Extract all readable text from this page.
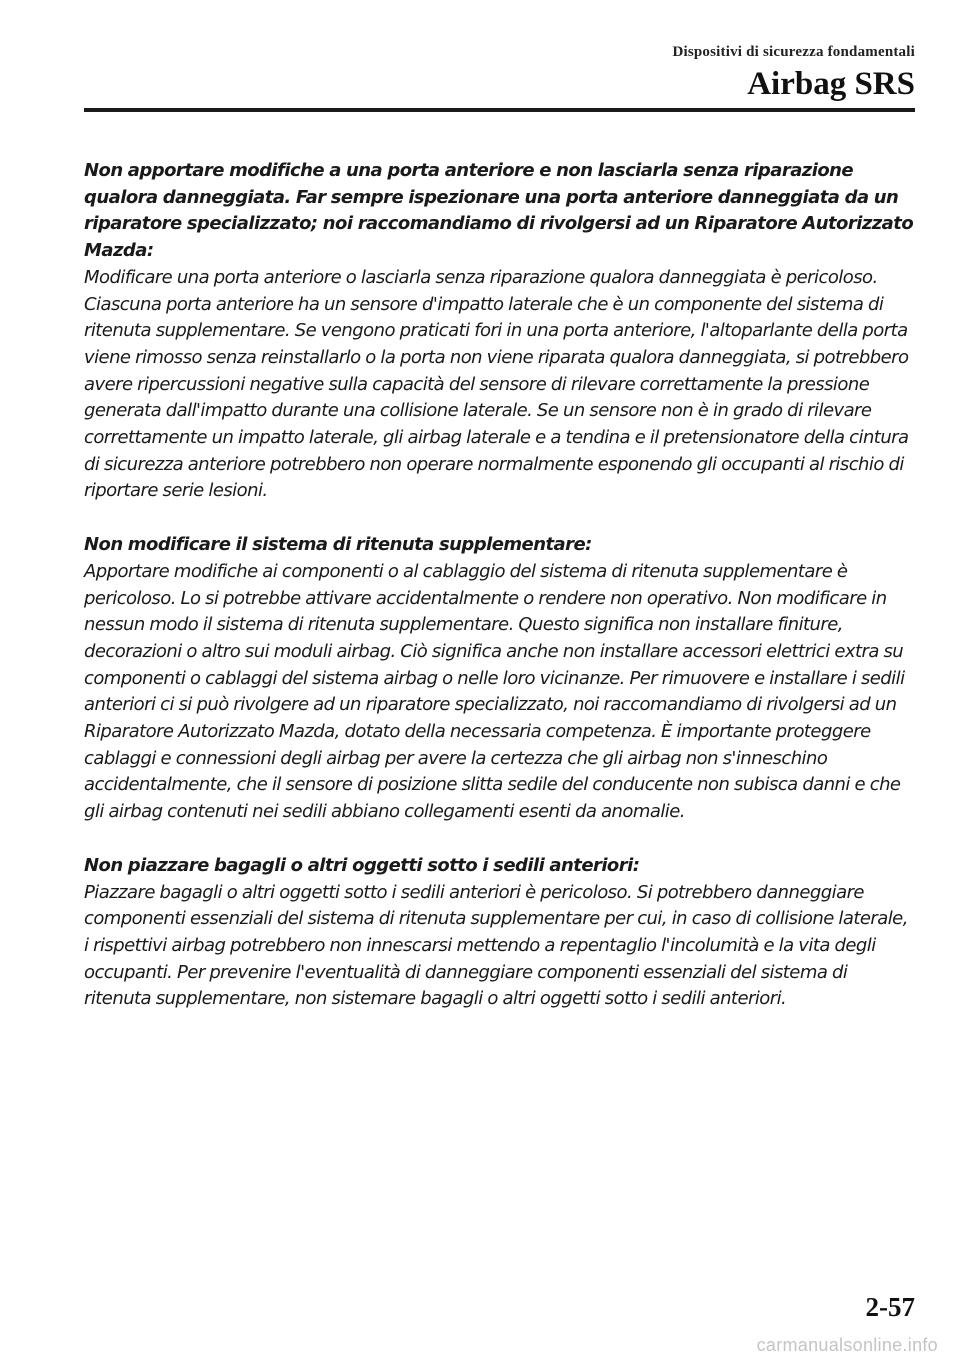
Dispositivi di sicurezza fondamentali
Airbag SRS

Non apportare modifiche a una porta anteriore e non lasciarla senza riparazione qualora danneggiata. Far sempre ispezionare una porta anteriore danneggiata da un riparatore specializzato; noi raccomandiamo di rivolgersi ad un Riparatore Autorizzato Mazda:

Modificare una porta anteriore o lasciarla senza riparazione qualora danneggiata è pericoloso. Ciascuna porta anteriore ha un sensore d'impatto laterale che è un componente del sistema di ritenuta supplementare. Se vengono praticati fori in una porta anteriore, l'altoparlante della porta viene rimosso senza reinstallarlo o la porta non viene riparata qualora danneggiata, si potrebbero avere ripercussioni negative sulla capacità del sensore di rilevare correttamente la pressione generata dall'impatto durante una collisione laterale. Se un sensore non è in grado di rilevare correttamente un impatto laterale, gli airbag laterale e a tendina e il pretensionatore della cintura di sicurezza anteriore potrebbero non operare normalmente esponendo gli occupanti al rischio di riportare serie lesioni.

Non modificare il sistema di ritenuta supplementare:

Apportare modifiche ai componenti o al cablaggio del sistema di ritenuta supplementare è pericoloso. Lo si potrebbe attivare accidentalmente o rendere non operativo. Non modificare in nessun modo il sistema di ritenuta supplementare. Questo significa non installare finiture, decorazioni o altro sui moduli airbag. Ciò significa anche non installare accessori elettrici extra su componenti o cablaggi del sistema airbag o nelle loro vicinanze. Per rimuovere e installare i sedili anteriori ci si può rivolgere ad un riparatore specializzato, noi raccomandiamo di rivolgersi ad un Riparatore Autorizzato Mazda, dotato della necessaria competenza. È importante proteggere cablaggi e connessioni degli airbag per avere la certezza che gli airbag non s'inneschino accidentalmente, che il sensore di posizione slitta sedile del conducente non subisca danni e che gli airbag contenuti nei sedili abbiano collegamenti esenti da anomalie.

Non piazzare bagagli o altri oggetti sotto i sedili anteriori:

Piazzare bagagli o altri oggetti sotto i sedili anteriori è pericoloso. Si potrebbero danneggiare componenti essenziali del sistema di ritenuta supplementare per cui, in caso di collisione laterale, i rispettivi airbag potrebbero non innescarsi mettendo a repentaglio l'incolumità e la vita degli occupanti. Per prevenire l'eventualità di danneggiare componenti essenziali del sistema di ritenuta supplementare, non sistemare bagagli o altri oggetti sotto i sedili anteriori.

2-57
carmanualsonline.info
